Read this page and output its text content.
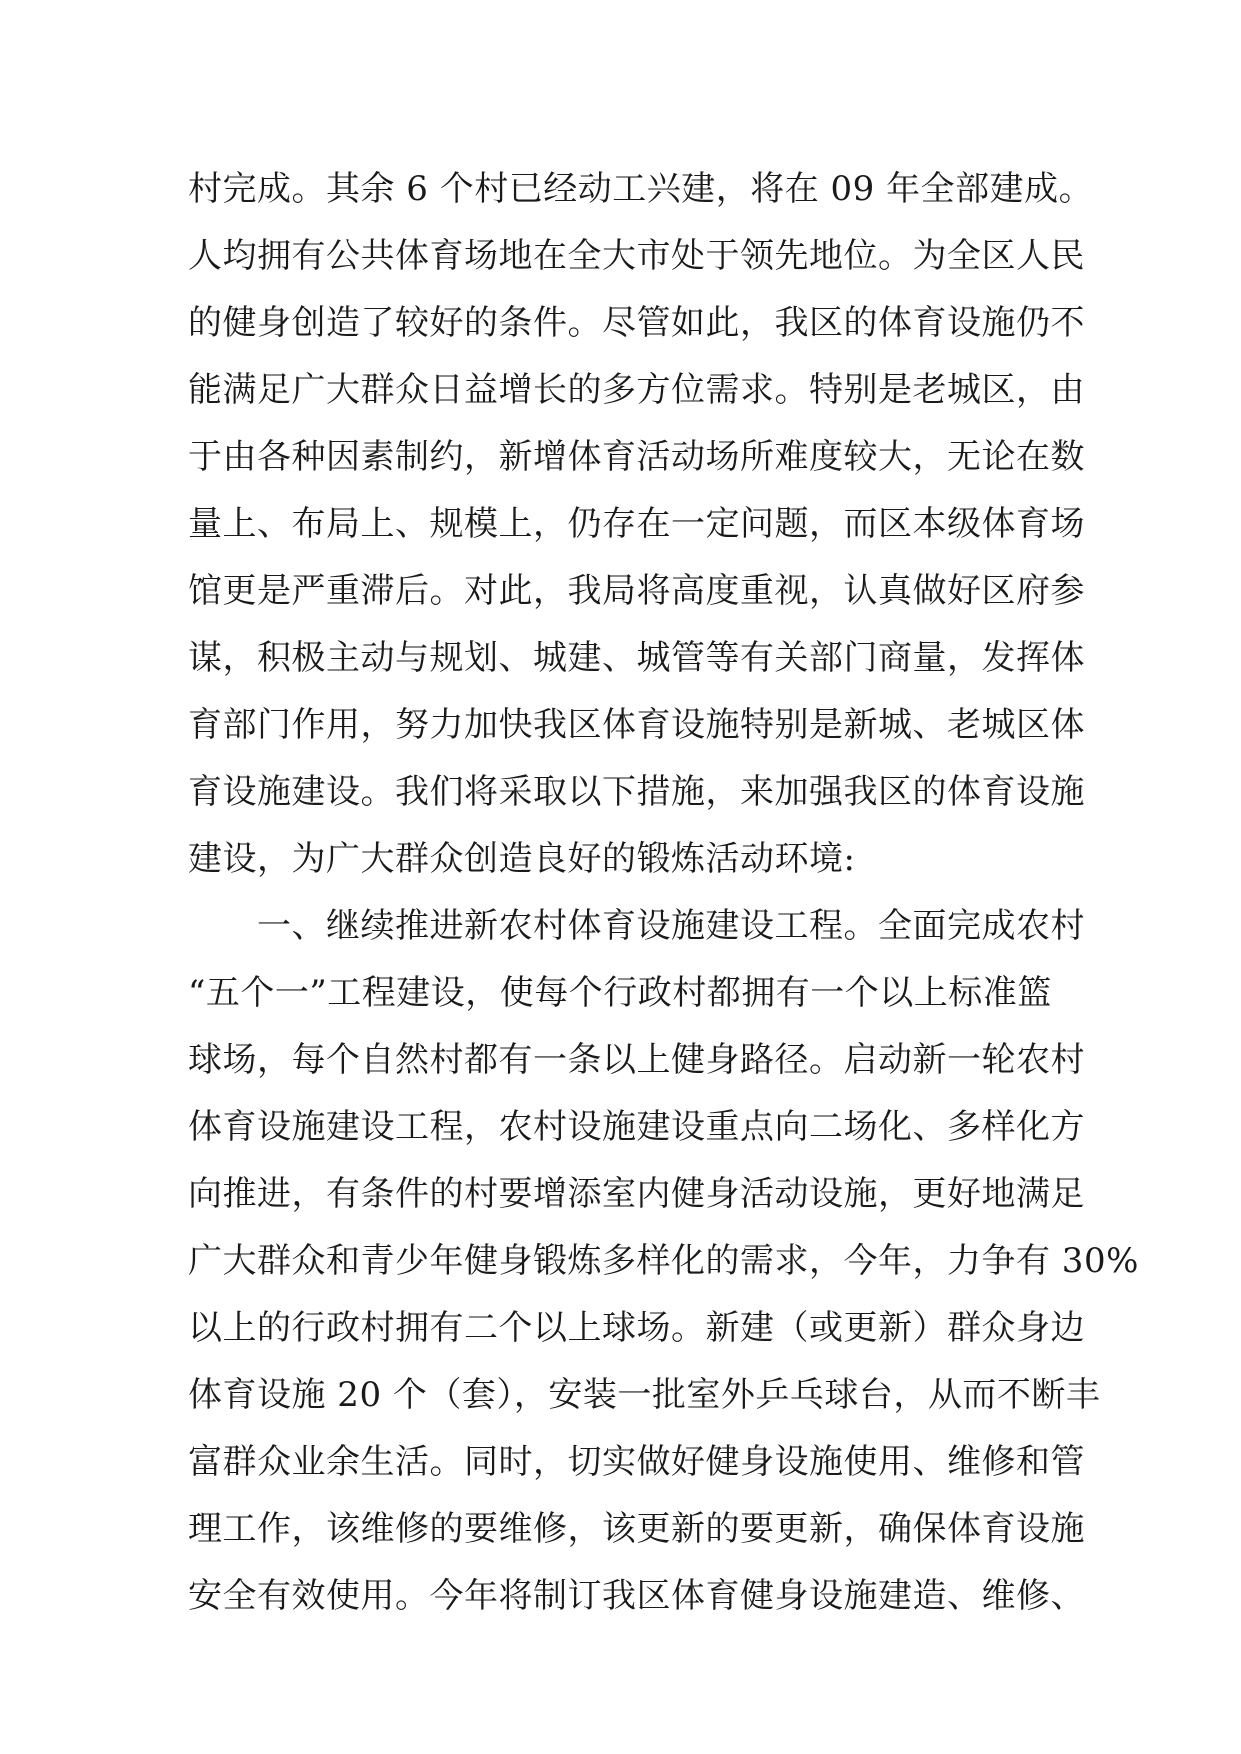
村完成。其余 6 个村已经动工兴建，将在 09 年全部建成。
人均拥有公共体育场地在全大市处于领先地位。为全区人民
的健身创造了较好的条件。尽管如此，我区的体育设施仍不
能满足广大群众日益增长的多方位需求。特别是老城区，由
于由各种因素制约，新增体育活动场所难度较大，无论在数
量上、布局上、规模上，仍存在一定问题，而区本级体育场
馆更是严重滞后。对此，我局将高度重视，认真做好区府参
谋，积极主动与规划、城建、城管等有关部门商量，发挥体
育部门作用，努力加快我区体育设施特别是新城、老城区体
育设施建设。我们将采取以下措施，来加强我区的体育设施
建设，为广大群众创造良好的锻炼活动环境:
　　一、继续推进新农村体育设施建设工程。全面完成农村
“五个一”工程建设，使每个行政村都拥有一个以上标准篮
球场，每个自然村都有一条以上健身路径。启动新一轮农村
体育设施建设工程，农村设施建设重点向二场化、多样化方
向推进，有条件的村要增添室内健身活动设施，更好地满足
广大群众和青少年健身锻炼多样化的需求，今年，力争有 30%
以上的行政村拥有二个以上球场。新建（或更新）群众身边
体育设施 20 个（套），安装一批室外乒乓球台，从而不断丰
富群众业余生活。同时，切实做好健身设施使用、维修和管
理工作，该维修的要维修，该更新的要更新，确保体育设施
安全有效使用。今年将制订我区体育健身设施建造、维修、
